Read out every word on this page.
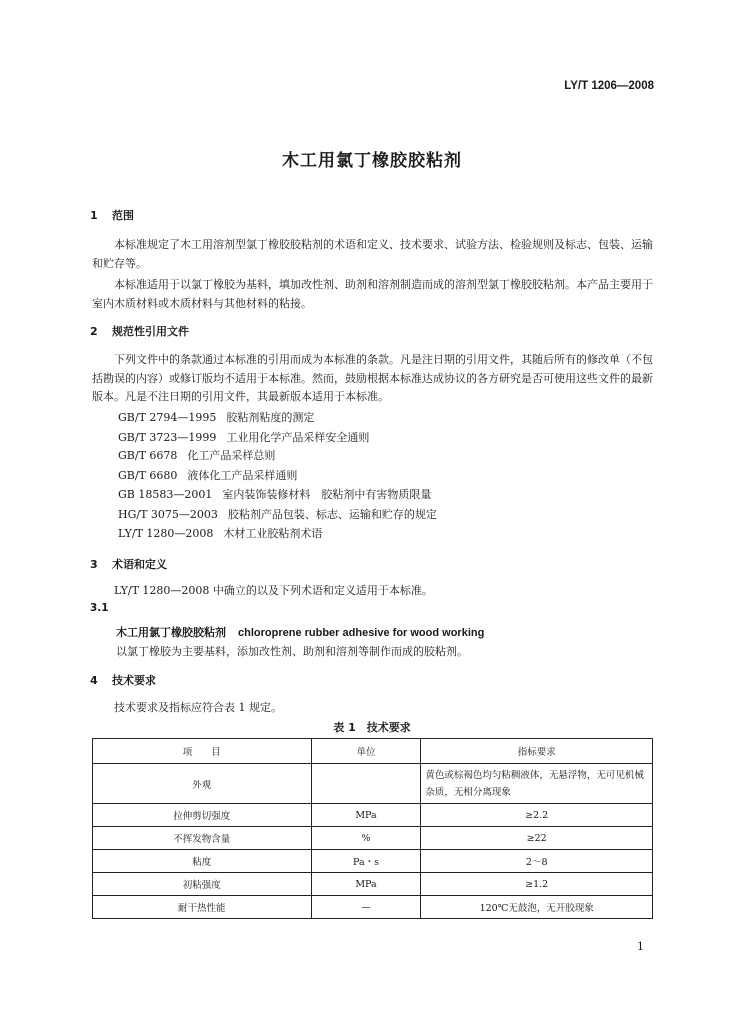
LY/T 1206—2008
木工用氯丁橡胶胶粘剂
1 范围
本标准规定了木工用溶剂型氯丁橡胶胶粘剂的术语和定义、技术要求、试验方法、检验规则及标志、包装、运输和贮存等。
本标准适用于以氯丁橡胶为基料，填加改性剂、助剂和溶剂制造而成的溶剂型氯丁橡胶胶粘剂。本产品主要用于室内木质材料或木质材料与其他材料的粘接。
2 规范性引用文件
下列文件中的条款通过本标准的引用而成为本标准的条款。凡是注日期的引用文件，其随后所有的修改单（不包括勘误的内容）或修订版均不适用于本标准。然而，鼓励根据本标准达成协议的各方研究是否可使用这些文件的最新版本。凡是不注日期的引用文件，其最新版本适用于本标准。
GB/T 2794—1995 胶粘剂粘度的测定
GB/T 3723—1999 工业用化学产品采样安全通则
GB/T 6678 化工产品采样总则
GB/T 6680 液体化工产品采样通则
GB 18583—2001 室内装饰装修材料　胶粘剂中有害物质限量
HG/T 3075—2003 胶粘剂产品包装、标志、运输和贮存的规定
LY/T 1280—2008 木材工业胶粘剂术语
3 术语和定义
LY/T 1280—2008 中确立的以及下列术语和定义适用于本标准。
3.1
木工用氯丁橡胶胶粘剂 chloroprene rubber adhesive for wood working
以氯丁橡胶为主要基料，添加改性剂、助剂和溶剂等制作而成的胶粘剂。
4 技术要求
技术要求及指标应符合表 1 规定。
表 1　技术要求
项　　目	单位	指标要求
外观		黄色或棕褐色均匀粘稠液体，无悬浮物，无可见机械杂质，无相分离现象
拉伸剪切强度	MPa	≥2.2
不挥发物含量	%	≥22
粘度	Pa・s	2～8
初粘强度	MPa	≥1.2
耐干热性能	—	120℃无鼓泡，无开胶现象
1
